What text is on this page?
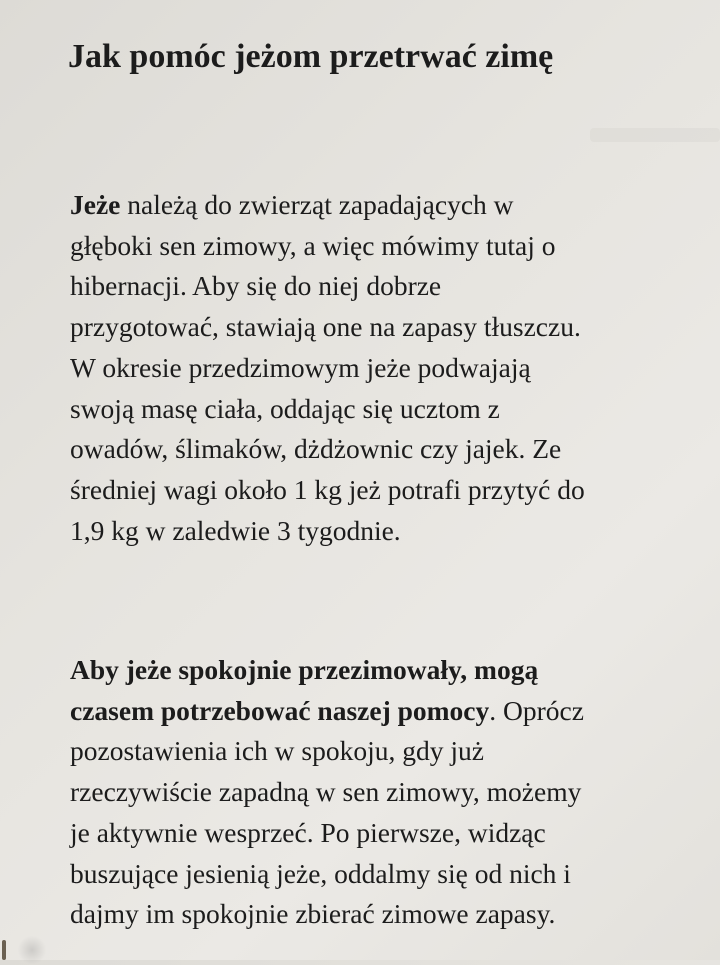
Jak pomóc jeżom przetrwać zimę

Jeże należą do zwierząt zapadających w
głęboki sen zimowy, a więc mówimy tutaj o
hibernacji. Aby się do niej dobrze
przygotować, stawiają one na zapasy tłuszczu.
W okresie przedzimowym jeże podwajają
swoją masę ciała, oddając się ucztom z
owadów, ślimaków, dżdżownic czy jajek. Ze
średniej wagi około 1 kg jeż potrafi przytyć do
1,9 kg w zaledwie 3 tygodnie.

Aby jeże spokojnie przezimowały, mogą
czasem potrzebować naszej pomocy. Oprócz
pozostawienia ich w spokoju, gdy już
rzeczywiście zapadną w sen zimowy, możemy
je aktywnie wesprzeć. Po pierwsze, widząc
buszujące jesienią jeże, oddalmy się od nich i
dajmy im spokojnie zbierać zimowe zapasy.
